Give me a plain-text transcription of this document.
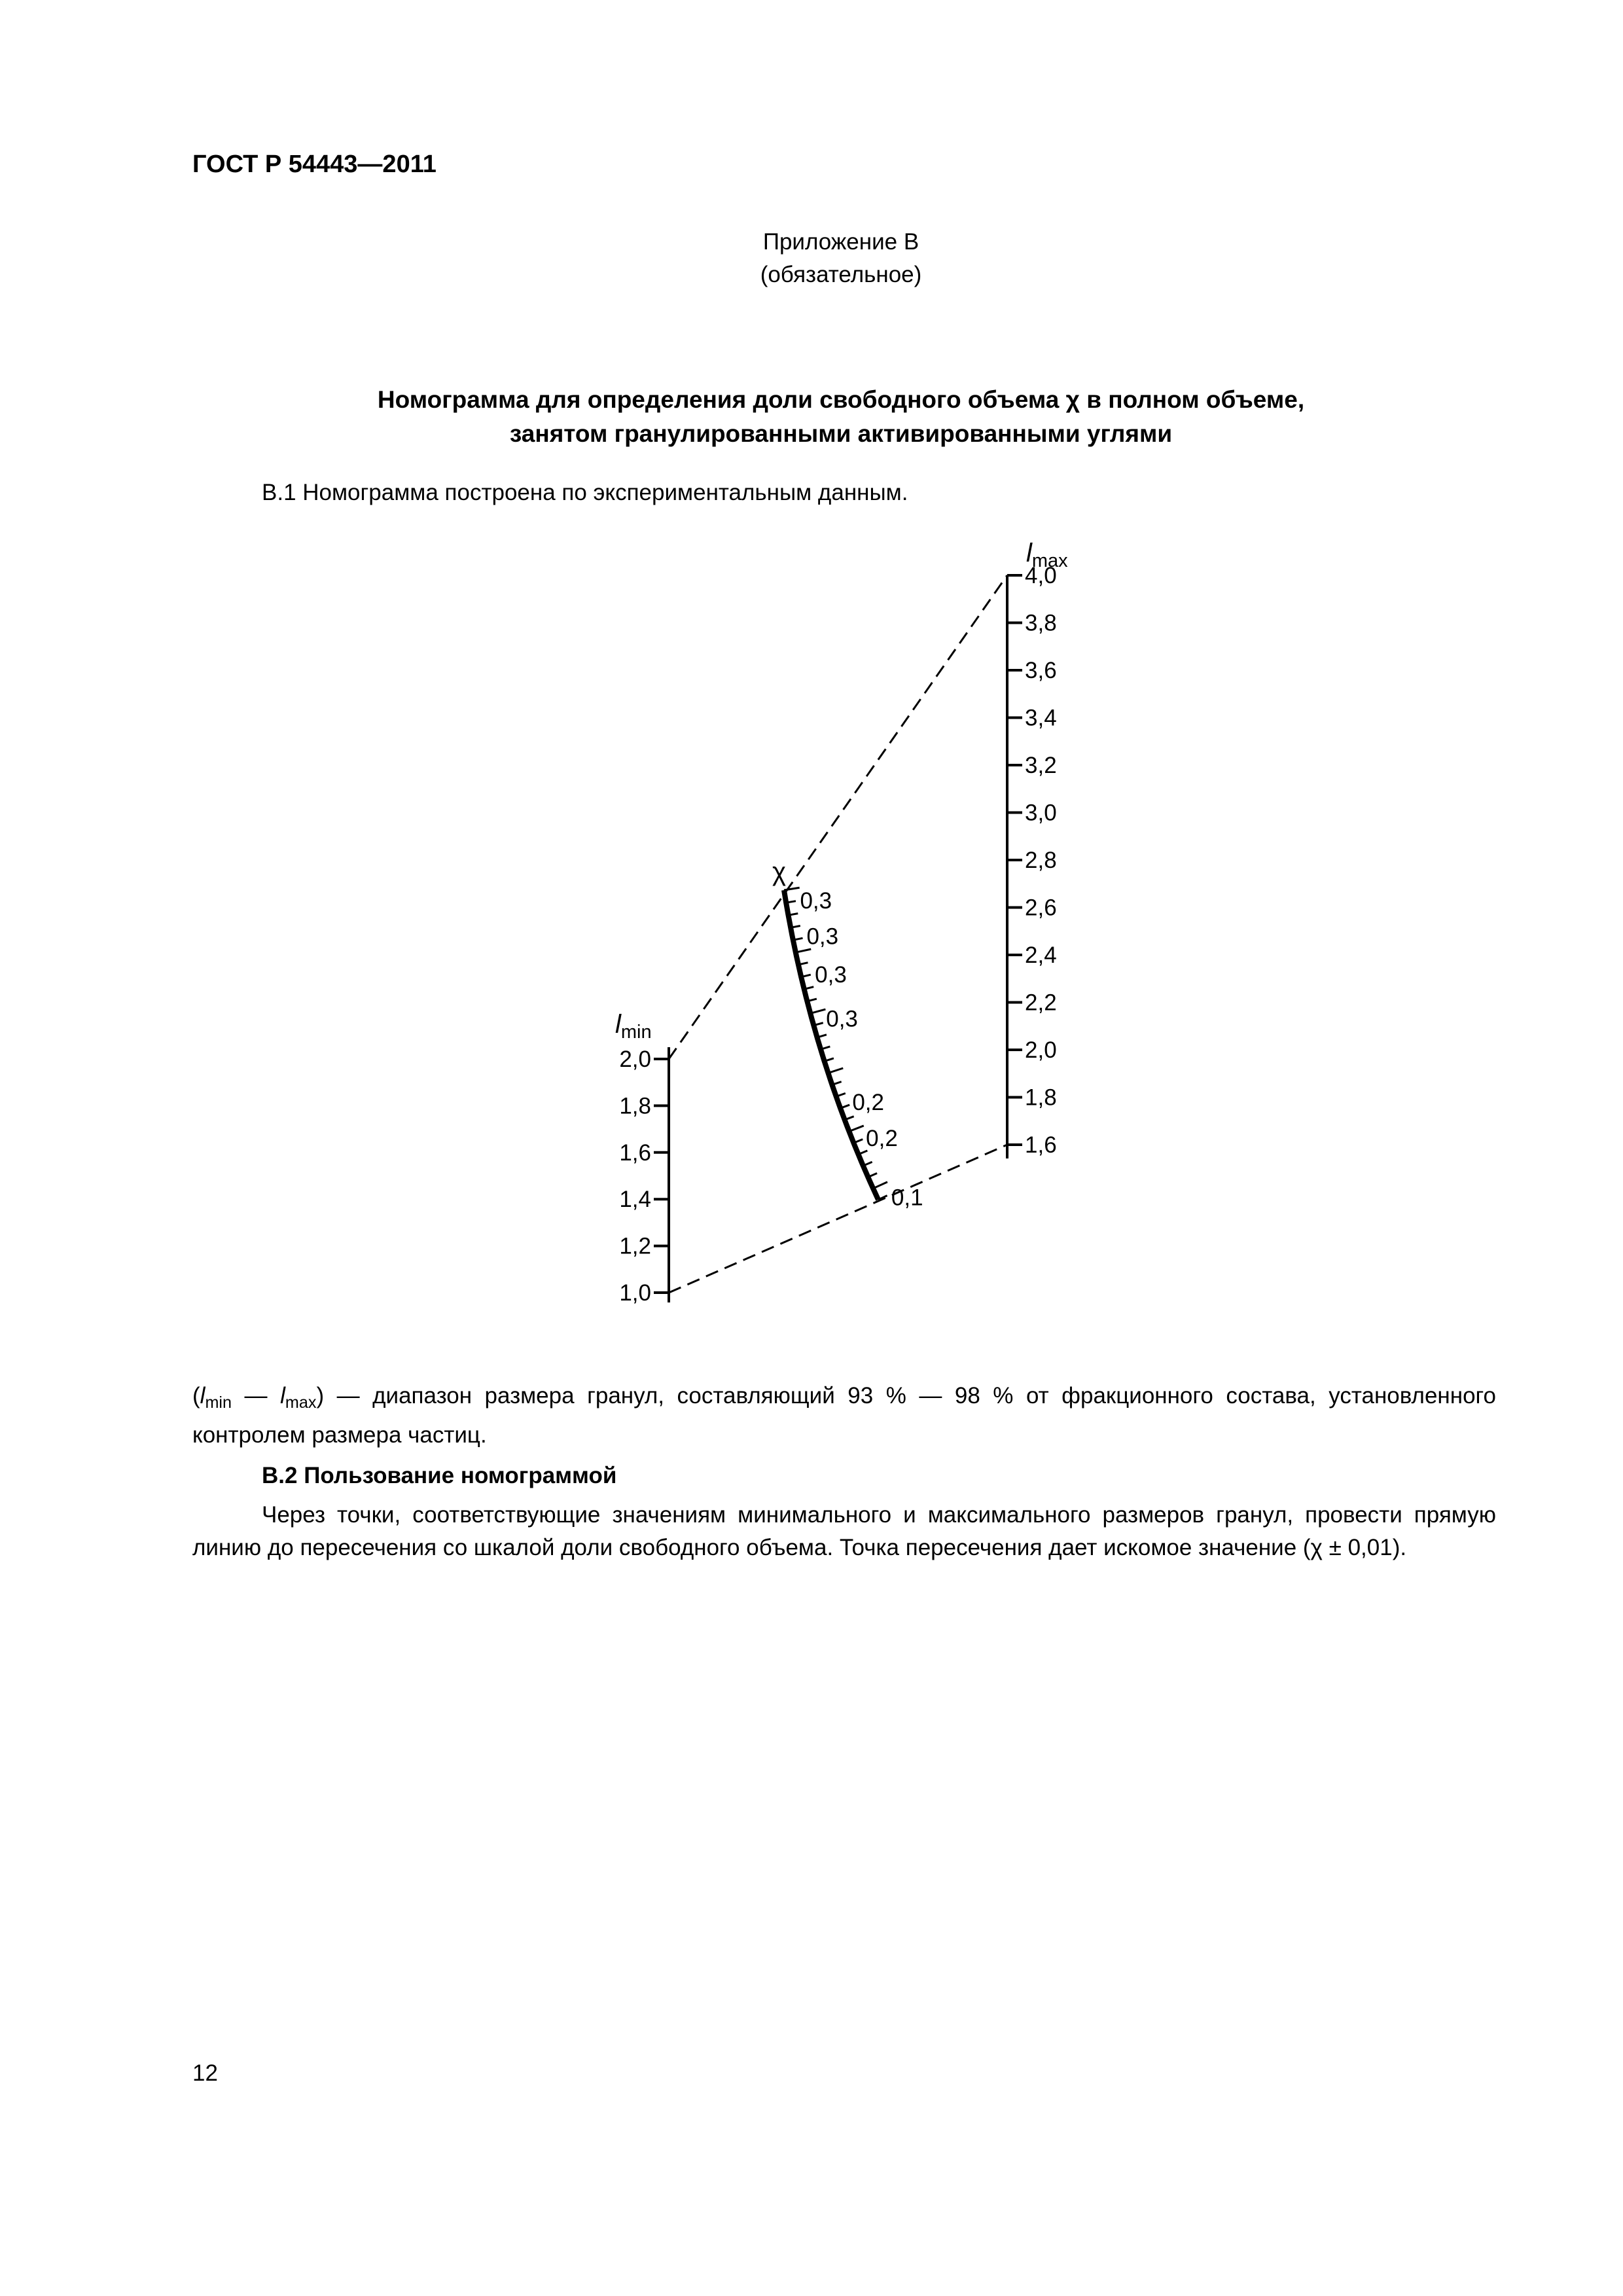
ГОСТ Р 54443—2011
Приложение В
(обязательное)
Номограмма для определения доли свободного объема χ в полном объеме,
занятом гранулированными активированными углями
В.1 Номограмма построена по экспериментальным данным.
4,0
3,8
3,6
3,4
3,2
3,0
2,8
2,6
2,4
2,2
2,0
1,8
1,6
$l_{max}$
2,0
1,8
1,6
1,4
1,2
1,0
$l_{min}$
χ
0,3
0,3
0,3
0,3
0,2
0,2
0,1
($l_{min}$ — $l_{max}$) — диапазон размера гранул, составляющий 93 % — 98 % от фракционного состава, установленного контролем размера частиц.
В.2 Пользование номограммой
Через точки, соответствующие значениям минимального и максимального размеров гранул, провести прямую линию до пересечения со шкалой доли свободного объема. Точка пересечения дает искомое значение (χ ± 0,01).
12
